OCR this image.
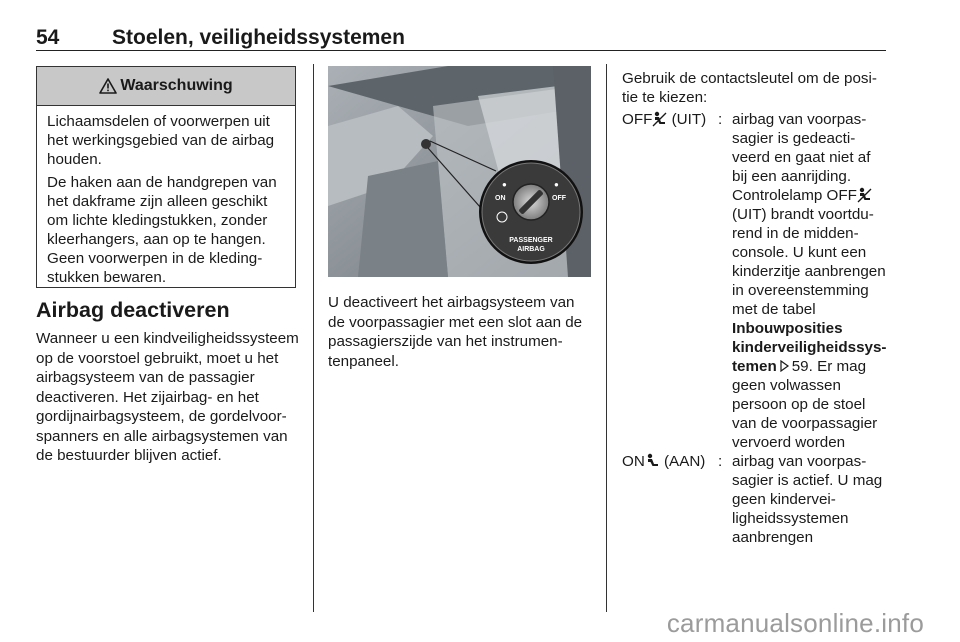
54	Stoelen, veiligheidssystemen
Waarschuwing

Lichaamsdelen of voorwerpen uit het werkingsgebied van de airbag houden.

De haken aan de handgrepen van het dakframe zijn alleen geschikt om lichte kledingstukken, zonder kleerhangers, aan op te hangen. Geen voorwerpen in de kledingstukken bewaren.

Airbag deactiveren

Wanneer u een kindveiligheidssysteem op de voorstoel gebruikt, moet u het airbagsysteem van de passagier deactiveren. Het zijairbag- en het gordijnairbagsysteem, de gordelvoorspanners en alle airbagsystemen van de bestuurder blijven actief.

●	●
ON	OFF
PASSENGER
AIRBAG

U deactiveert het airbagsysteem van de voorpassagier met een slot aan de passagierszijde van het instrumentenpaneel.

Gebruik de contactsleutel om de positie te kiezen:

OFF (UIT) : airbag van voorpassagier is gedeactiveerd en gaat niet af bij een aanrijding. Controlelamp OFF (UIT) brandt voortdurend in de middenconsole. U kunt een kinderzitje aanbrengen in overeenstemming met de tabel Inbouwposities kinderveiligheidssystemen 59. Er mag geen volwassen persoon op de stoel van de voorpassagier vervoerd worden
ON (AAN) : airbag van voorpassagier is actief. U mag geen kinderveiligheidssystemen aanbrengen
carmanualsonline.info
